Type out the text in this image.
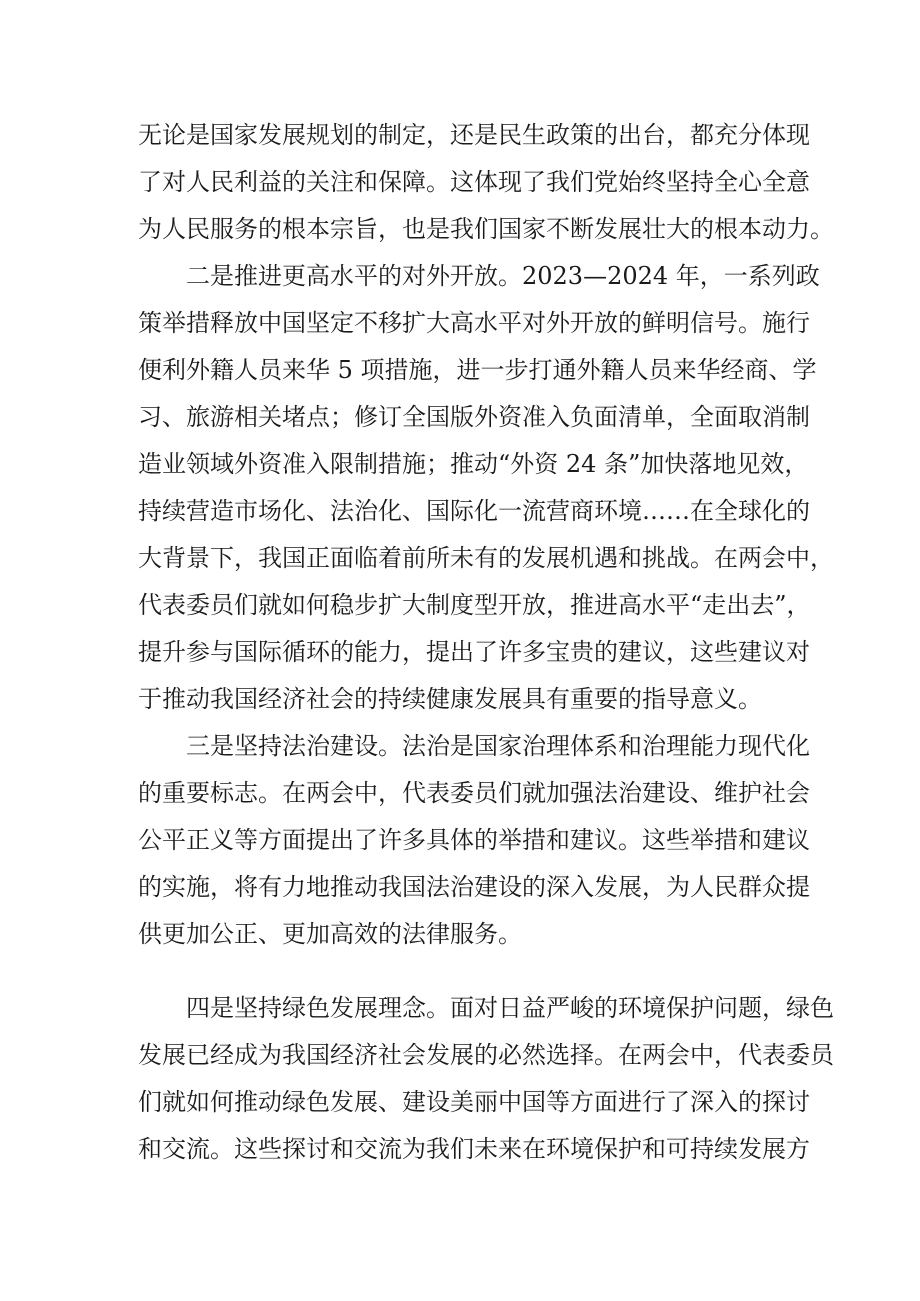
无论是国家发展规划的制定，还是民生政策的出台，都充分体现

了对人民利益的关注和保障。这体现了我们党始终坚持全心全意

为人民服务的根本宗旨，也是我们国家不断发展壮大的根本动力。

二是推进更高水平的对外开放。2023—2024 年，一系列政

策举措释放中国坚定不移扩大高水平对外开放的鲜明信号。施行

便利外籍人员来华 5 项措施，进一步打通外籍人员来华经商、学

习、旅游相关堵点；修订全国版外资准入负面清单，全面取消制

造业领域外资准入限制措施；推动“外资 24 条”加快落地见效，

持续营造市场化、法治化、国际化一流营商环境……在全球化的

大背景下，我国正面临着前所未有的发展机遇和挑战。在两会中，

代表委员们就如何稳步扩大制度型开放，推进高水平“走出去”，

提升参与国际循环的能力，提出了许多宝贵的建议，这些建议对

于推动我国经济社会的持续健康发展具有重要的指导意义。

三是坚持法治建设。法治是国家治理体系和治理能力现代化

的重要标志。在两会中，代表委员们就加强法治建设、维护社会

公平正义等方面提出了许多具体的举措和建议。这些举措和建议

的实施，将有力地推动我国法治建设的深入发展，为人民群众提

供更加公正、更加高效的法律服务。

四是坚持绿色发展理念。面对日益严峻的环境保护问题，绿色

发展已经成为我国经济社会发展的必然选择。在两会中，代表委员

们就如何推动绿色发展、建设美丽中国等方面进行了深入的探讨

和交流。这些探讨和交流为我们未来在环境保护和可持续发展方
